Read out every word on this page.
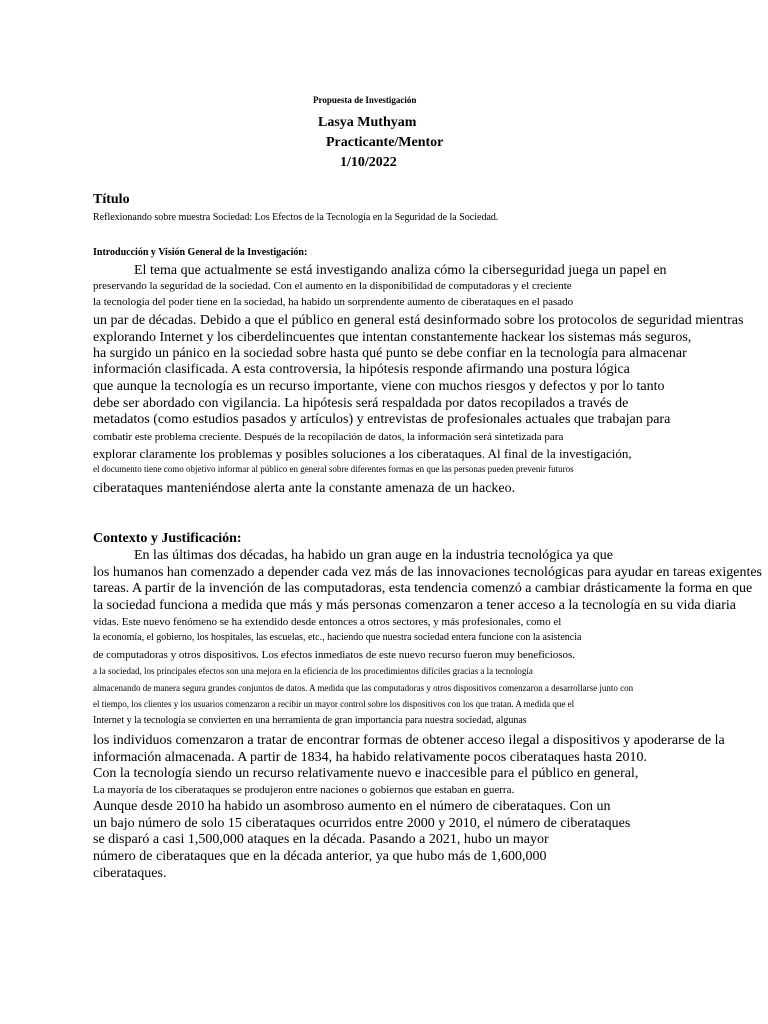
Propuesta de Investigación
Lasya Muthyam
Practicante/Mentor
1/10/2022
Título
Reflexionando sobre muestra Sociedad: Los Efectos de la Tecnología en la Seguridad de la Sociedad.
Introducción y Visión General de la Investigación:
El tema que actualmente se está investigando analiza cómo la ciberseguridad juega un papel en
preservando la seguridad de la sociedad. Con el aumento en la disponibilidad de computadoras y el creciente
la tecnología del poder tiene en la sociedad, ha habido un sorprendente aumento de ciberataques en el pasado
un par de décadas. Debido a que el público en general está desinformado sobre los protocolos de seguridad mientras
explorando Internet y los ciberdelincuentes que intentan constantemente hackear los sistemas más seguros,
ha surgido un pánico en la sociedad sobre hasta qué punto se debe confiar en la tecnología para almacenar
información clasificada. A esta controversia, la hipótesis responde afirmando una postura lógica
que aunque la tecnología es un recurso importante, viene con muchos riesgos y defectos y por lo tanto
debe ser abordado con vigilancia. La hipótesis será respaldada por datos recopilados a través de
metadatos (como estudios pasados y artículos) y entrevistas de profesionales actuales que trabajan para
combatir este problema creciente. Después de la recopilación de datos, la información será sintetizada para
explorar claramente los problemas y posibles soluciones a los ciberataques. Al final de la investigación,
el documento tiene como objetivo informar al público en general sobre diferentes formas en que las personas pueden prevenir futuros
ciberataques manteniéndose alerta ante la constante amenaza de un hackeo.
Contexto y Justificación:
En las últimas dos décadas, ha habido un gran auge en la industria tecnológica ya que
los humanos han comenzado a depender cada vez más de las innovaciones tecnológicas para ayudar en tareas exigentes
tareas. A partir de la invención de las computadoras, esta tendencia comenzó a cambiar drásticamente la forma en que
la sociedad funciona a medida que más y más personas comenzaron a tener acceso a la tecnología en su vida diaria
vidas. Este nuevo fenómeno se ha extendido desde entonces a otros sectores, y más profesionales, como el
la economía, el gobierno, los hospitales, las escuelas, etc., haciendo que nuestra sociedad entera funcione con la asistencia
de computadoras y otros dispositivos. Los efectos inmediatos de este nuevo recurso fueron muy beneficiosos.
a la sociedad, los principales efectos son una mejora en la eficiencia de los procedimientos difíciles gracias a la tecnología
almacenando de manera segura grandes conjuntos de datos. A medida que las computadoras y otros dispositivos comenzaron a desarrollarse junto con
el tiempo, los clientes y los usuarios comenzaron a recibir un mayor control sobre los dispositivos con los que tratan. A medida que el
Internet y la tecnología se convierten en una herramienta de gran importancia para nuestra sociedad, algunas
los individuos comenzaron a tratar de encontrar formas de obtener acceso ilegal a dispositivos y apoderarse de la
información almacenada. A partir de 1834, ha habido relativamente pocos ciberataques hasta 2010.
Con la tecnología siendo un recurso relativamente nuevo e inaccesible para el público en general,
La mayoría de los ciberataques se produjeron entre naciones o gobiernos que estaban en guerra.
Aunque desde 2010 ha habido un asombroso aumento en el número de ciberataques. Con un
un bajo número de solo 15 ciberataques ocurridos entre 2000 y 2010, el número de ciberataques
se disparó a casi 1,500,000 ataques en la década. Pasando a 2021, hubo un mayor
número de ciberataques que en la década anterior, ya que hubo más de 1,600,000
ciberataques.
